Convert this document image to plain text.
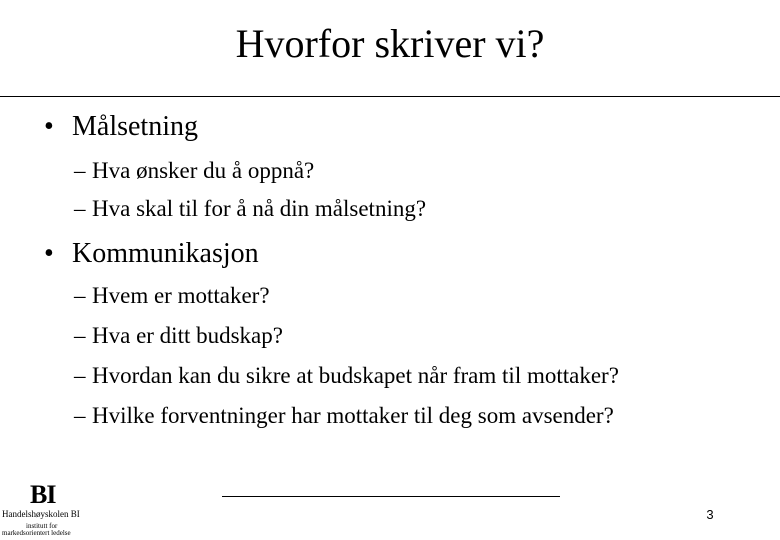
Hvorfor skriver vi?
• Målsetning
– Hva ønsker du å oppnå?
– Hva skal til for å nå din målsetning?
• Kommunikasjon
– Hvem er mottaker?
– Hva er ditt budskap?
– Hvordan kan du sikre at budskapet når fram til mottaker?
– Hvilke forventninger har mottaker til deg som avsender?
BI
Handelshøyskolen BI
institutt for
markedsorientert ledelse
3
